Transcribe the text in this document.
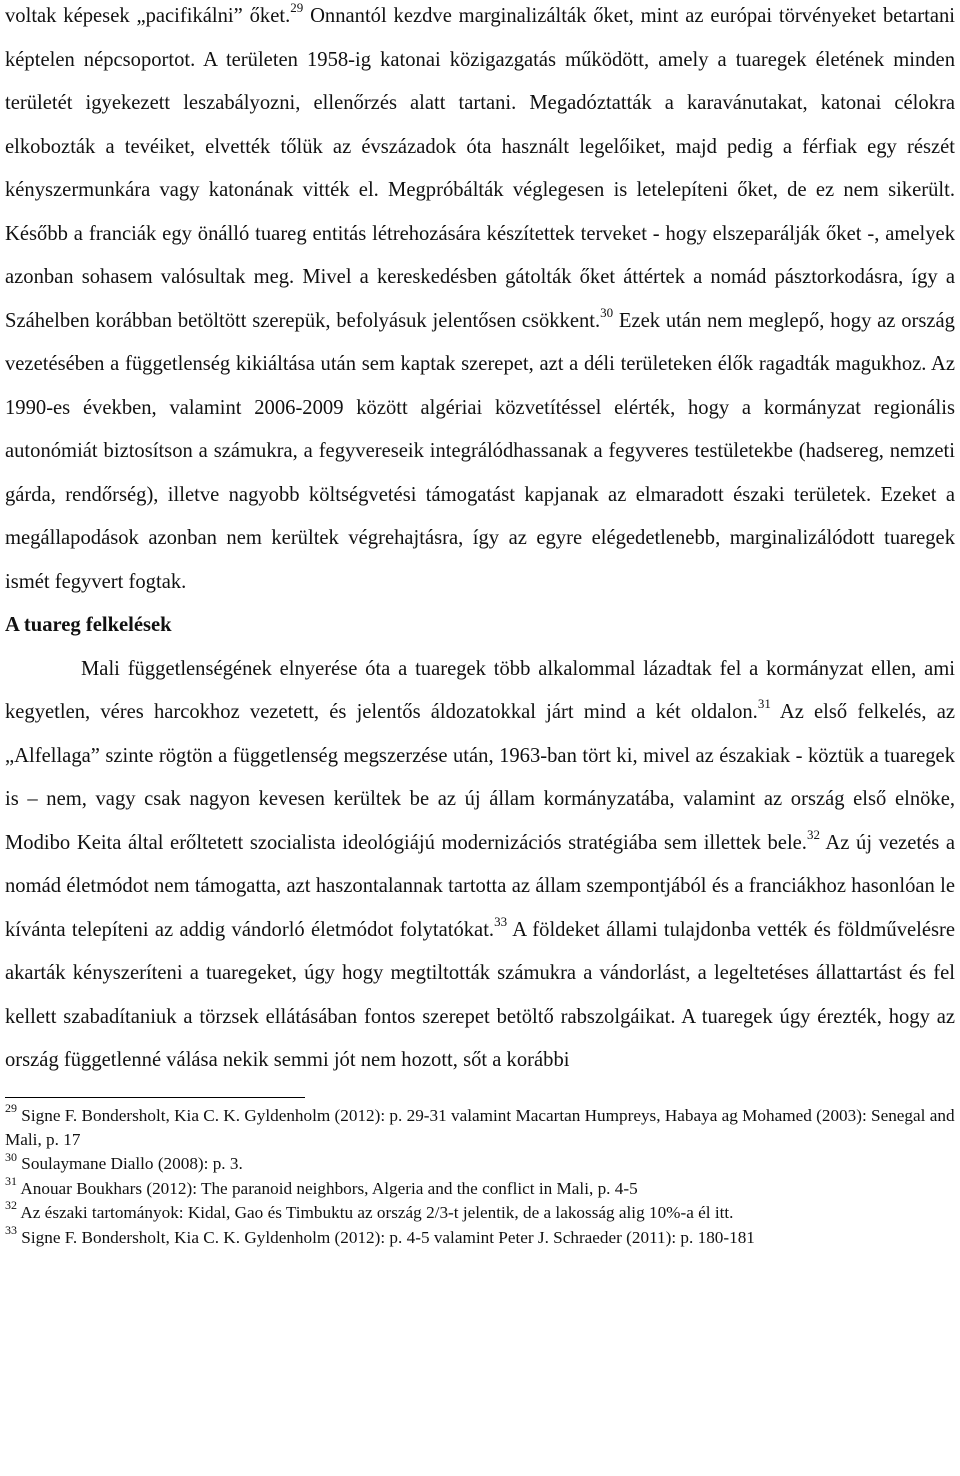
voltak képesek „pacifikálni” őket.$^{29}$ Onnantól kezdve marginalizálták őket, mint az európai törvényeket betartani képtelen népcsoportot. A területen 1958-ig katonai közigazgatás működött, amely a tuaregek életének minden területét igyekezett leszabályozni, ellenőrzés alatt tartani. Megadóztatták a karavánutakat, katonai célokra elkobozták a tevéiket, elvették tőlük az évszázadok óta használt legelőiket, majd pedig a férfiak egy részét kényszermunkára vagy katonának vitték el. Megpróbálták véglegesen is letelepíteni őket, de ez nem sikerült. Később a franciák egy önálló tuareg entitás létrehozására készítettek terveket - hogy elszeparálják őket -, amelyek azonban sohasem valósultak meg. Mivel a kereskedésben gátolták őket áttértek a nomád pásztorkodásra, így a Száhelben korábban betöltött szerepük, befolyásuk jelentősen csökkent.$^{30}$ Ezek után nem meglepő, hogy az ország vezetésében a függetlenség kikiáltása után sem kaptak szerepet, azt a déli területeken élők ragadták magukhoz. Az 1990-es években, valamint 2006-2009 között algériai közvetítéssel elérték, hogy a kormányzat regionális autonómiát biztosítson a számukra, a fegyvereseik integrálódhassanak a fegyveres testületekbe (hadsereg, nemzeti gárda, rendőrség), illetve nagyobb költségvetési támogatást kapjanak az elmaradott északi területek. Ezeket a megállapodások azonban nem kerültek végrehajtásra, így az egyre elégedetlenebb, marginalizálódott tuaregek ismét fegyvert fogtak.

A tuareg felkelések

Mali függetlenségének elnyerése óta a tuaregek több alkalommal lázadtak fel a kormányzat ellen, ami kegyetlen, véres harcokhoz vezetett, és jelentős áldozatokkal járt mind a két oldalon.$^{31}$ Az első felkelés, az „Alfellaga” szinte rögtön a függetlenség megszerzése után, 1963-ban tört ki, mivel az északiak - köztük a tuaregek is – nem, vagy csak nagyon kevesen kerültek be az új állam kormányzatába, valamint az ország első elnöke, Modibo Keita által erőltetett szocialista ideológiájú modernizációs stratégiába sem illettek bele.$^{32}$ Az új vezetés a nomád életmódot nem támogatta, azt haszontalannak tartotta az állam szempontjából és a franciákhoz hasonlóan le kívánta telepíteni az addig vándorló életmódot folytatókat.$^{33}$ A földeket állami tulajdonba vették és földművelésre akarták kényszeríteni a tuaregeket, úgy hogy megtiltották számukra a vándorlást, a legeltetéses állattartást és fel kellett szabadítaniuk a törzsek ellátásában fontos szerepet betöltő rabszolgáikat. A tuaregek úgy érezték, hogy az ország függetlenné válása nekik semmi jót nem hozott, sőt a korábbi

$^{29}$ Signe F. Bondersholt, Kia C. K. Gyldenholm (2012): p. 29-31 valamint Macartan Humpreys, Habaya ag Mohamed (2003): Senegal and Mali, p. 17

$^{30}$ Soulaymane Diallo (2008): p. 3.

$^{31}$ Anouar Boukhars (2012): The paranoid neighbors, Algeria and the conflict in Mali, p. 4-5

$^{32}$ Az északi tartományok: Kidal, Gao és Timbuktu az ország 2/3-t jelentik, de a lakosság alig 10%-a él itt.

$^{33}$ Signe F. Bondersholt, Kia C. K. Gyldenholm (2012): p. 4-5 valamint Peter J. Schraeder (2011): p. 180-181
